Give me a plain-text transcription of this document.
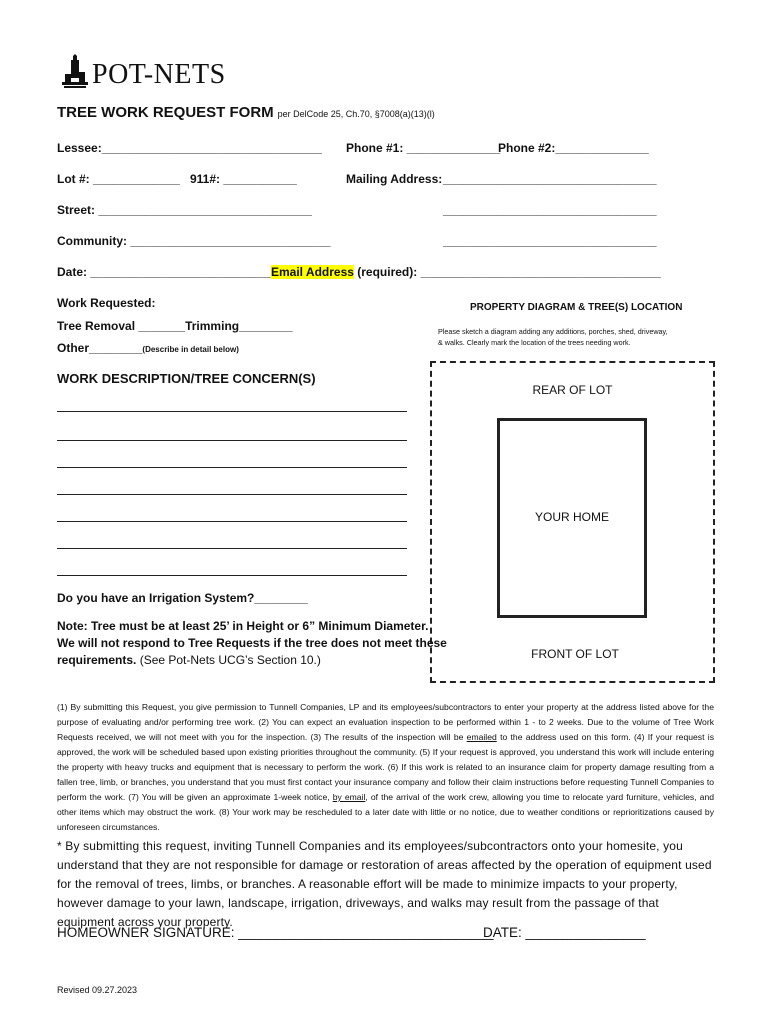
POT-NETS
TREE WORK REQUEST FORM per DelCode 25, Ch.70, §7008(a)(13)(l)
Lessee:_________________________________ Phone #1: ______________
Phone #2:______________
Lot #: _____________ 911#: ___________	Mailing Address: ________________________________
Street: ________________________________	________________________________
Community: ______________________________	________________________________
Date: ___________________________ Email Address (required): ____________________________________
Work Requested:
Tree Removal _______Trimming________
Other________(Describe in detail below)
PROPERTY DIAGRAM & TREE(S) LOCATION
Please sketch a diagram adding any additions, porches, shed, driveway,
& walks. Clearly mark the location of the trees needing work.
REAR OF LOT
YOUR HOME
FRONT OF LOT
WORK DESCRIPTION/TREE CONCERN(S)
Do you have an Irrigation System?________
Note: Tree must be at least 25’ in Height or 6” Minimum Diameter.
We will not respond to Tree Requests if the tree does not meet these
requirements. (See Pot-Nets UCG’s Section 10.)
(1) By submitting this Request, you give permission to Tunnell Companies, LP and its employees/subcontractors to enter your property at the address listed above for the purpose of evaluating and/or performing tree work. (2) You can expect an evaluation inspection to be performed within 1 - to 2 weeks. Due to the volume of Tree Work Requests received, we will not meet with you for the inspection. (3) The results of the inspection will be emailed to the address used on this form. (4) If your request is approved, the work will be scheduled based upon existing priorities throughout the community. (5) If your request is approved, you understand this work will include entering the property with heavy trucks and equipment that is necessary to perform the work. (6) If this work is related to an insurance claim for property damage resulting from a fallen tree, limb, or branches, you understand that you must first contact your insurance company and follow their claim instructions before requesting Tunnell Companies to perform the work. (7) You will be given an approximate 1-week notice, by email, of the arrival of the work crew, allowing you time to relocate yard furniture, vehicles, and other items which may obstruct the work. (8) Your work may be rescheduled to a later date with little or no notice, due to weather conditions or reprioritizations caused by unforeseen circumstances.
* By submitting this request, inviting Tunnell Companies and its employees/subcontractors onto your homesite, you understand that they are not responsible for damage or restoration of areas affected by the operation of equipment used for the removal of trees, limbs, or branches. A reasonable effort will be made to minimize impacts to your property, however damage to your lawn, landscape, irrigation, driveways, and walks may result from the passage of that equipment across your property.
HOMEOWNER SIGNATURE: __________________________________
DATE: ________________
Revised 09.27.2023
